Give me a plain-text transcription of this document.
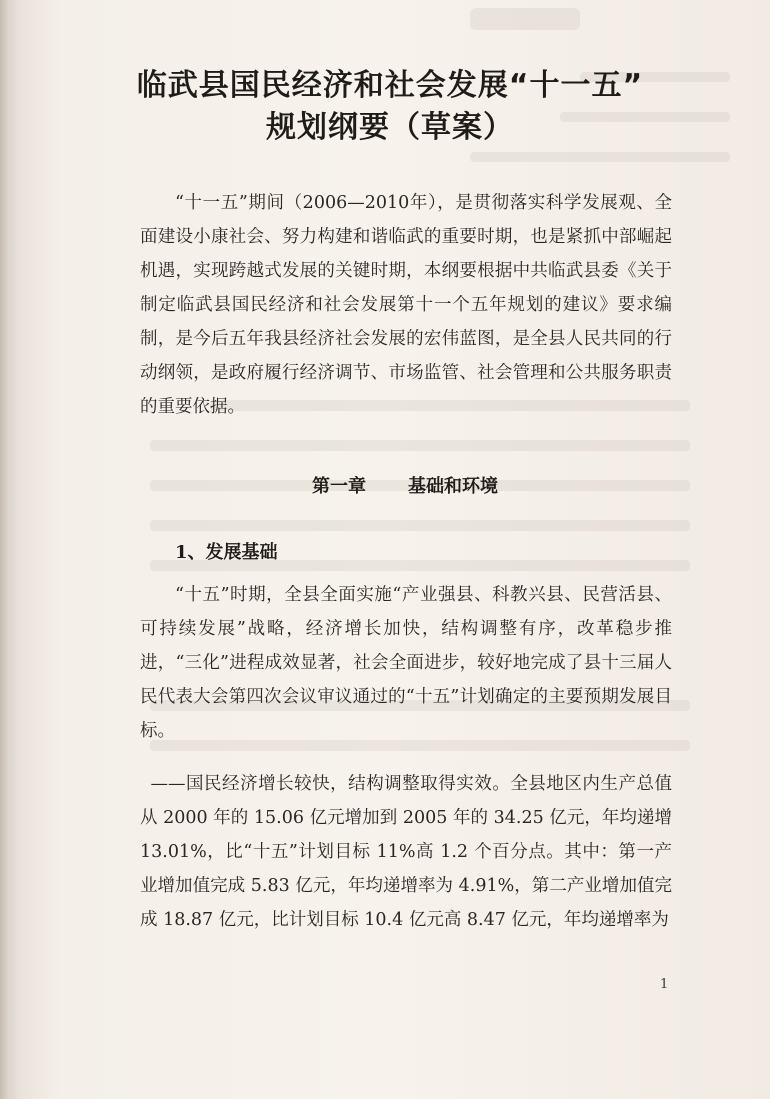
临武县国民经济和社会发展“十一五”
规划纲要（草案）

“十一五”期间（2006—2010年），是贯彻落实科学发展观、全面建设小康社会、努力构建和谐临武的重要时期，也是紧抓中部崛起机遇，实现跨越式发展的关键时期，本纲要根据中共临武县委《关于制定临武县国民经济和社会发展第十一个五年规划的建议》要求编制，是今后五年我县经济社会发展的宏伟蓝图，是全县人民共同的行动纲领，是政府履行经济调节、市场监管、社会管理和公共服务职责的重要依据。

第一章 基础和环境
1、发展基础

“十五”时期，全县全面实施“产业强县、科教兴县、民营活县、可持续发展”战略，经济增长加快，结构调整有序，改革稳步推进，“三化”进程成效显著，社会全面进步，较好地完成了县十三届人民代表大会第四次会议审议通过的“十五”计划确定的主要预期发展目标。

——国民经济增长较快，结构调整取得实效。全县地区内生产总值从 2000 年的 15.06 亿元增加到 2005 年的 34.25 亿元，年均递增 13.01%，比“十五”计划目标 11%高 1.2 个百分点。其中：第一产业增加值完成 5.83 亿元，年均递增率为 4.91%，第二产业增加值完成 18.87 亿元，比计划目标 10.4 亿元高 8.47 亿元，年均递增率为

1
